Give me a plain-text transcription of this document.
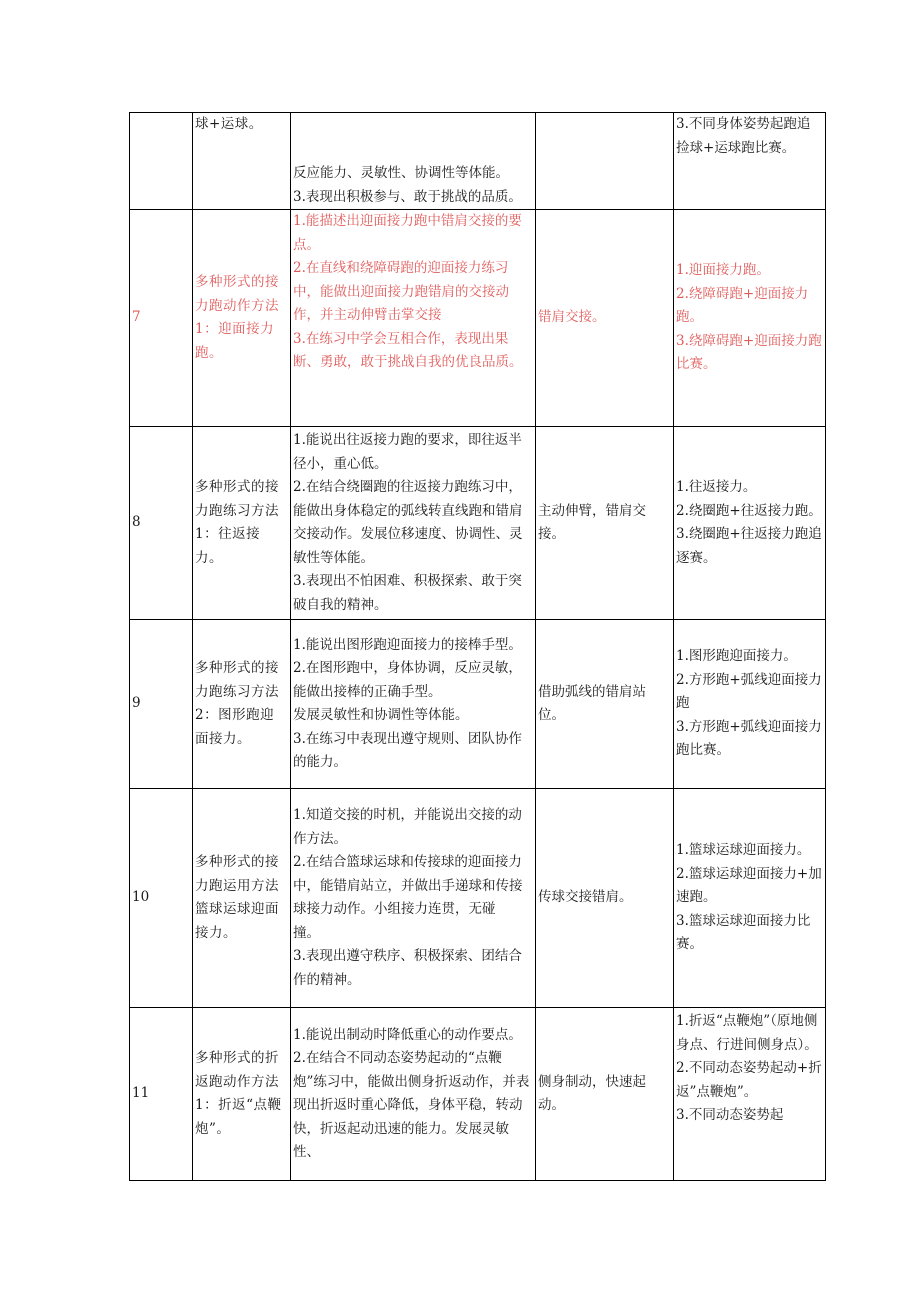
	球+运球。	反应能力、灵敏性、协调性等体能。
3.表现出积极参与、敢于挑战的品质。		3.不同身体姿势起跑追捡球+运球跑比赛。

7	多种形式的接力跑动作方法1：迎面接力跑。	1.能描述出迎面接力跑中错肩交接的要点。
2.在直线和绕障碍跑的迎面接力练习中，能做出迎面接力跑错肩的交接动作，并主动伸臂击掌交接
3.在练习中学会互相合作，表现出果断、勇敢，敢于挑战自我的优良品质。	错肩交接。	1.迎面接力跑。
2.绕障碍跑+迎面接力跑。
3.绕障碍跑+迎面接力跑比赛。

8	多种形式的接力跑练习方法1：往返接力。	1.能说出往返接力跑的要求，即往返半径小，重心低。
2.在结合绕圈跑的往返接力跑练习中，能做出身体稳定的弧线转直线跑和错肩交接动作。发展位移速度、协调性、灵敏性等体能。
3.表现出不怕困难、积极探索、敢于突破自我的精神。	主动伸臂，错肩交接。	1.往返接力。
2.绕圈跑+往返接力跑。
3.绕圈跑+往返接力跑追逐赛。

9	多种形式的接力跑练习方法2：图形跑迎面接力。	1.能说出图形跑迎面接力的接棒手型。
2.在图形跑中，身体协调，反应灵敏，能做出接棒的正确手型。
发展灵敏性和协调性等体能。
3.在练习中表现出遵守规则、团队协作的能力。	借助弧线的错肩站位。	1.图形跑迎面接力。
2.方形跑+弧线迎面接力跑
3.方形跑+弧线迎面接力跑比赛。

10	多种形式的接力跑运用方法篮球运球迎面接力。	1.知道交接的时机，并能说出交接的动作方法。
2.在结合篮球运球和传接球的迎面接力中，能错肩站立，并做出手递球和传接球接力动作。小组接力连贯，无碰
撞。
3.表现出遵守秩序、积极探索、团结合作的精神。	传球交接错肩。	1.篮球运球迎面接力。
2.篮球运球迎面接力+加速跑。
3.篮球运球迎面接力比赛。

11	多种形式的折返跑动作方法1：折返“点鞭炮”。	1.能说出制动时降低重心的动作要点。
2.在结合不同动态姿势起动的“点鞭炮”练习中，能做出侧身折返动作，并表现出折返时重心降低，身体平稳，转动快，折返起动迅速的能力。发展灵敏性、	侧身制动，快速起动。	1.折返“点鞭炮”（原地侧身点、行进间侧身点）。
2.不同动态姿势起动+折返”点鞭炮”。
3.不同动态姿势起
